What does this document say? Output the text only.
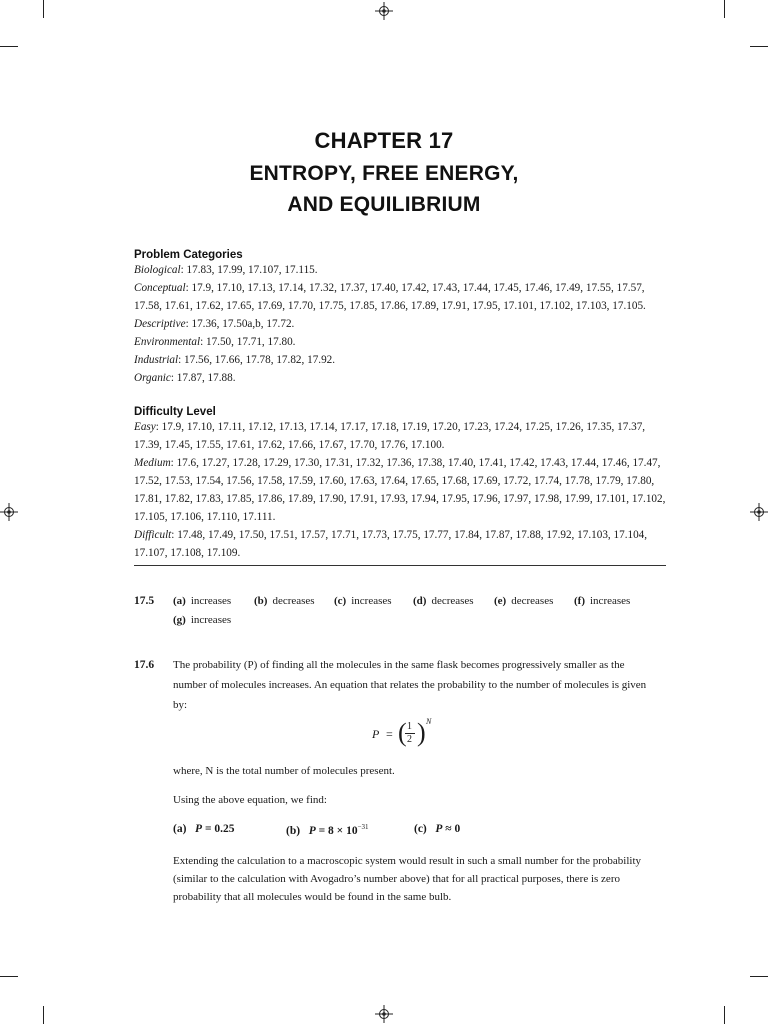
CHAPTER 17
ENTROPY, FREE ENERGY,
AND EQUILIBRIUM
Problem Categories
Biological: 17.83, 17.99, 17.107, 17.115.
Conceptual: 17.9, 17.10, 17.13, 17.14, 17.32, 17.37, 17.40, 17.42, 17.43, 17.44, 17.45, 17.46, 17.49, 17.55, 17.57,
17.58, 17.61, 17.62, 17.65, 17.69, 17.70, 17.75, 17.85, 17.86, 17.89, 17.91, 17.95, 17.101, 17.102, 17.103, 17.105.
Descriptive: 17.36, 17.50a,b, 17.72.
Environmental: 17.50, 17.71, 17.80.
Industrial: 17.56, 17.66, 17.78, 17.82, 17.92.
Organic: 17.87, 17.88.
Difficulty Level
Easy: 17.9, 17.10, 17.11, 17.12, 17.13, 17.14, 17.17, 17.18, 17.19, 17.20, 17.23, 17.24, 17.25, 17.26, 17.35, 17.37,
17.39, 17.45, 17.55, 17.61, 17.62, 17.66, 17.67, 17.70, 17.76, 17.100.
Medium: 17.6, 17.27, 17.28, 17.29, 17.30, 17.31, 17.32, 17.36, 17.38, 17.40, 17.41, 17.42, 17.43, 17.44, 17.46, 17.47,
17.52, 17.53, 17.54, 17.56, 17.58, 17.59, 17.60, 17.63, 17.64, 17.65, 17.68, 17.69, 17.72, 17.74, 17.78, 17.79, 17.80,
17.81, 17.82, 17.83, 17.85, 17.86, 17.89, 17.90, 17.91, 17.93, 17.94, 17.95, 17.96, 17.97, 17.98, 17.99, 17.101, 17.102,
17.105, 17.106, 17.110, 17.111.
Difficult: 17.48, 17.49, 17.50, 17.51, 17.57, 17.71, 17.73, 17.75, 17.77, 17.84, 17.87, 17.88, 17.92, 17.103, 17.104,
17.107, 17.108, 17.109.
17.5 (a) increases (b) decreases (c) increases (d) decreases (e) decreases (f) increases
(g) increases
17.6 The probability (P) of finding all the molecules in the same flask becomes progressively smaller as the
number of molecules increases. An equation that relates the probability to the number of molecules is given
by:
P = ( 1
2 ) N
where, N is the total number of molecules present.
Using the above equation, we find:
(a) P = 0.25	(b) $P = 8 \times 10^{-31}$	(c) P ≈ 0
Extending the calculation to a macroscopic system would result in such a small number for the probability
(similar to the calculation with Avogadro’s number above) that for all practical purposes, there is zero
probability that all molecules would be found in the same bulb.
